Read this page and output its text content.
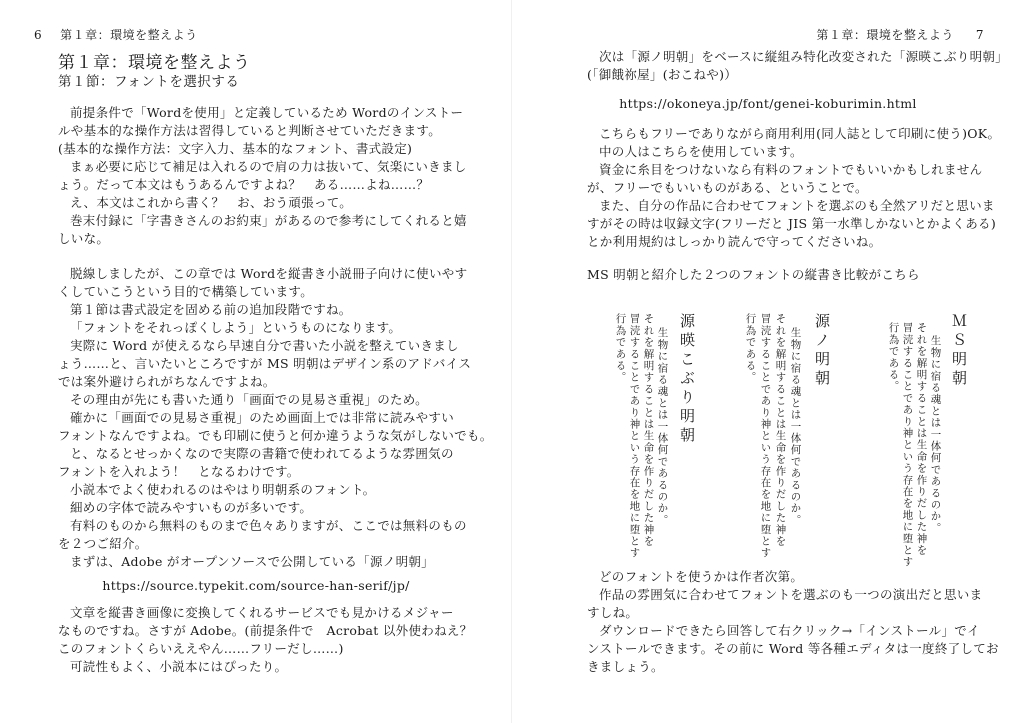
6 第１章：環境を整えよう
第１章：環境を整えよう
第１節：フォントを選択する
前提条件で「Wordを使用」と定義しているため Wordのインストー
ルや基本的な操作方法は習得していると判断させていただきます。
(基本的な操作方法：文字入力、基本的なフォント、書式設定)
まぁ必要に応じて補足は入れるので肩の力は抜いて、気楽にいきまし
ょう。だって本文はもうあるんですよね？　ある……よね……？
え、本文はこれから書く？　お、おう頑張って。
巻末付録に「字書きさんのお約束」があるので参考にしてくれると嬉
しいな。
脱線しましたが、この章では Wordを縦書き小説冊子向けに使いやす
くしていこうという目的で構築しています。
第１節は書式設定を固める前の追加段階ですね。
「フォントをそれっぽくしよう」というものになります。
実際に Word が使えるなら早速自分で書いた小説を整えていきまし
ょう……と、言いたいところですが MS 明朝はデザイン系のアドバイス
では案外避けられがちなんですよね。
その理由が先にも書いた通り「画面での見易さ重視」のため。
確かに「画面での見易さ重視」のため画面上では非常に読みやすい
フォントなんですよね。でも印刷に使うと何か違うような気がしないでも。
と、なるとせっかくなので実際の書籍で使われてるような雰囲気の
フォントを入れよう！　となるわけです。
小説本でよく使われるのはやはり明朝系のフォント。
細めの字体で読みやすいものが多いです。
有料のものから無料のものまで色々ありますが、ここでは無料のもの
を２つご紹介。
まずは、Adobe がオープンソースで公開している「源ノ明朝」
https://source.typekit.com/source-han-serif/jp/
文章を縦書き画像に変換してくれるサービスでも見かけるメジャー
なものですね。さすが Adobe。(前提条件で　Acrobat 以外使わねえ？
このフォントくらいええやん……フリーだし……)
可読性もよく、小説本にはぴったり。
第１章：環境を整えよう 7
次は「源ノ明朝」をベースに縦組み特化改変された「源暎こぶり明朝」
(「御餓祢屋」(おこねや)）
https://okoneya.jp/font/genei-koburimin.html
こちらもフリーでありながら商用利用(同人誌として印刷に使う)OK。
中の人はこちらを使用しています。
資金に糸目をつけないなら有料のフォントでもいいかもしれません
が、フリーでもいいものがある、ということで。
また、自分の作品に合わせてフォントを選ぶのも全然アリだと思いま
すがその時は収録文字(フリーだと JIS 第一水準しかないとかよくある)
とか利用規約はしっかり読んで守ってくださいね。
MS 明朝と紹介した２つのフォントの縦書き比較がこちら
ＭＳ明朝
生物に宿る魂とは一体何であるのか。
それを解明することは生命を作りだした神を
冒涜することであり神という存在を地に堕とす
行為である。
源ノ明朝
生物に宿る魂とは一体何であるのか。
それを解明することは生命を作りだした神を
冒涜することであり神という存在を地に堕とす
行為である。
源暎こぶり明朝
生物に宿る魂とは一体何であるのか。
それを解明することは生命を作りだした神を
冒涜することであり神という存在を地に堕とす
行為である。
どのフォントを使うかは作者次第。
作品の雰囲気に合わせてフォントを選ぶのも一つの演出だと思いま
すしね。
ダウンロードできたら回答して右クリック→「インストール」でイ
ンストールできます。その前に Word 等各種エディタは一度終了してお
きましょう。
